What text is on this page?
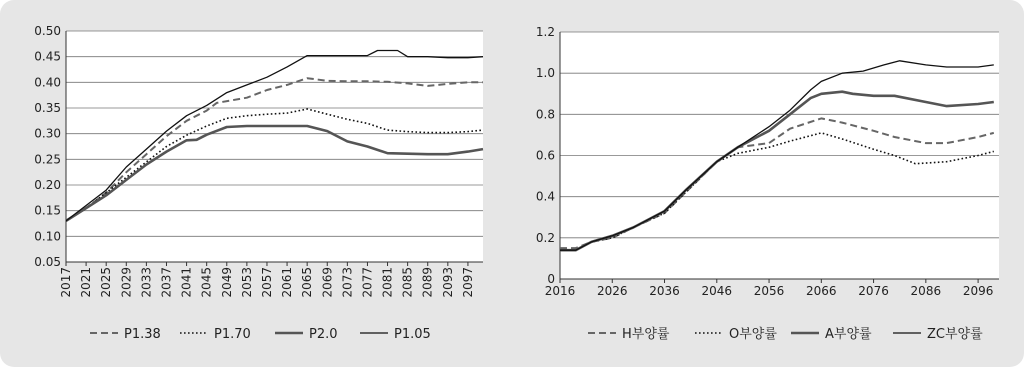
0.05
0.10
0.15
0.20
0.25
0.30
0.35
0.40
0.45
0.50
2017 2021 2025 2029 2033 2037 2041 2045 2049 2053 2057 2061 2065 2069 2073 2077 2081 2085 2089 2093 2097
P1.38	P1.70	P2.0	P1.05
0
0.2
0.4
0.6
0.8
1.0
1.2
2016 2026 2036 2046 2056 2066 2076 2086 2096
H부양률	O부양률	A부양률	ZC부양률
